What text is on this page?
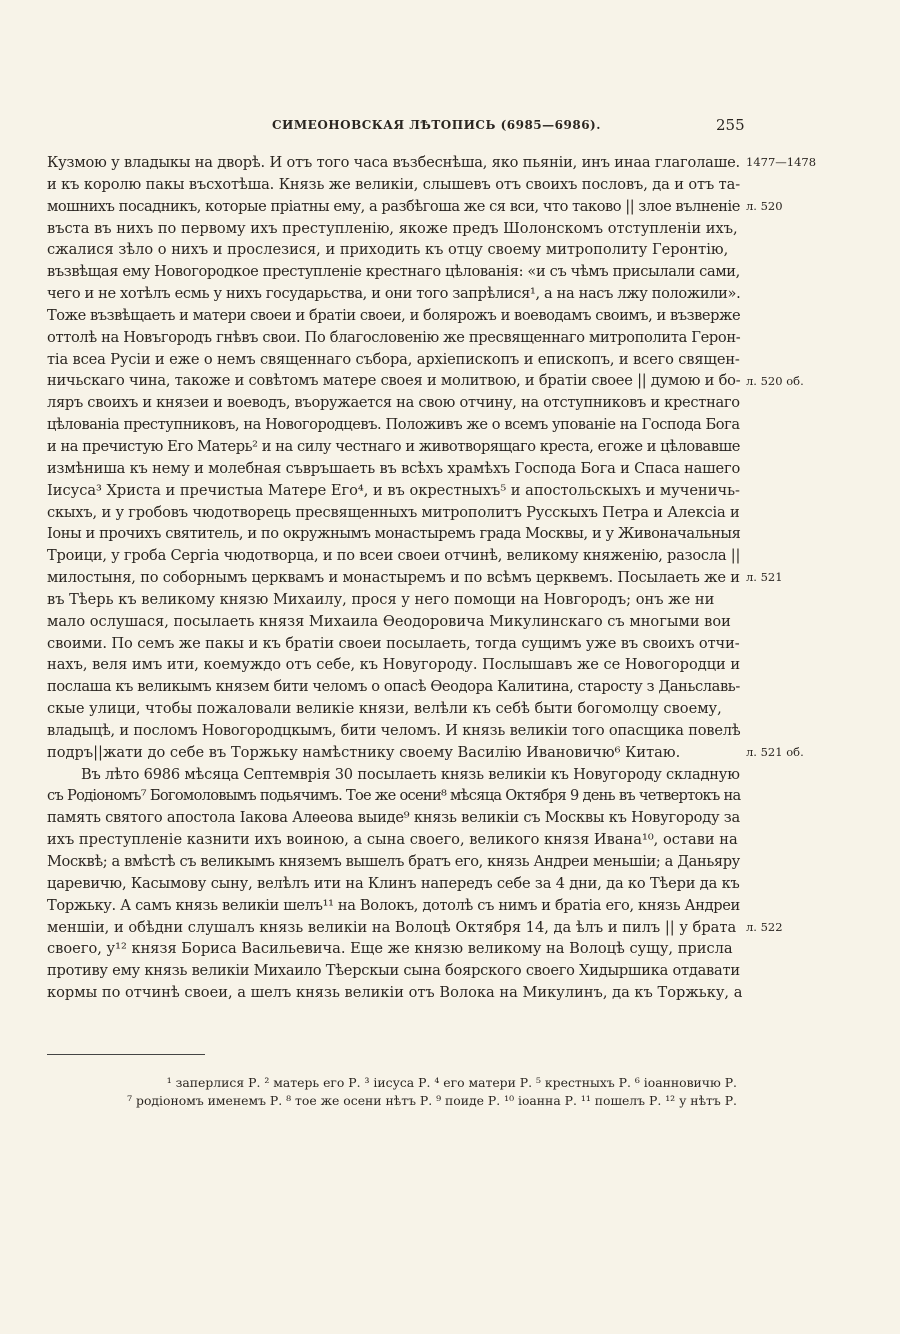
СИМЕОНОВСКАЯ ЛѢТОПИСЬ (6985—6986).	255
Кузмою у владыкы на дворѣ. И отъ того часа възбеснѣша, яко пьяніи, инъ инаа глаголаше.
и къ королю пакы въсхотѣша. Князь же великіи, слышевъ отъ своихъ пословъ, да и отъ та-
мошнихъ посадникъ, которые пріатны ему, а разбѣгоша же ся вси, что таково || злое вълненіе
въста въ нихъ по первому ихъ преступленію, якоже предъ Шолонскомъ отступленіи ихъ,
сжалися зѣло о нихъ и прослезися, и приходить къ отцу своему митрополиту Геронтію,
възвѣщая ему Новогородкое преступленіе крестнаго цѣлованія: «и съ чѣмъ присылали сами,
чего и не хотѣлъ есмь у нихъ государьства, и они того запрѣлися¹, а на насъ лжу положили».
Тоже възвѣщаеть и матери своеи и братіи своеи, и болярожъ и воеводамъ своимъ, и възверже
оттолѣ на Новъгородъ гнѣвъ свои. По благословенію же пресвященнаго митрополита Герон-
тіа всеа Русіи и еже о немъ священнаго събора, архіепископъ и епископъ, и всего священ-
ничьскаго чина, такоже и совѣтомъ матере своея и молитвою, и братіи своее || думою и бо-
ляръ своихъ и князеи и воеводъ, въоружается на свою отчину, на отступниковъ и крестнаго
цѣлованіа преступниковъ, на Новогородцевъ. Положивъ же о всемъ упованіе на Господа Бога
и на пречистую Его Матерь² и на силу честнаго и животворящаго креста, егоже и цѣловавше
измѣниша къ нему и молебная съвръшаеть въ всѣхъ храмѣхъ Господа Бога и Спаса нашего
Іисуса³ Христа и пречистыа Матере Его⁴, и въ окрестныхъ⁵ и апостольскыхъ и мученичь-
скыхъ, и у гробовъ чюдотворець пресвященныхъ митрополитъ Русскыхъ Петра и Алексіа и
Іоны и прочихъ святитель, и по окружнымъ монастыремъ града Москвы, и у Живоначальныя
Троици, у гроба Сергіа чюдотворца, и по всеи своеи отчинѣ, великому княженію, разосла ||
милостыня, по соборнымъ церквамъ и монастыремъ и по всѣмъ церквемъ. Посылаеть же и
въ Тѣерь къ великому князю Михаилу, прося у него помощи на Новгородъ; онъ же ни
мало ослушася, посылаеть князя Михаила Ѳеодоровича Микулинскаго съ многыми вои
своими. По семъ же пакы и къ братіи своеи посылаеть, тогда сущимъ уже въ своихъ отчи-
нахъ, веля имъ ити, коемуждо отъ себе, къ Новугороду. Послышавъ же се Новогородци и
послаша къ великымъ князем бити челомъ о опасѣ Ѳеодора Калитина, старосту з Даньславь-
скые улици, чтобы пожаловали великіе князи, велѣли къ себѣ быти богомолцу своему,
владыцѣ, и посломъ Новогородцкымъ, бити челомъ. И князь великіи того опасщика повелѣ
подръ||жати до себе въ Торжьку намѣстнику своему Василію Ивановичю⁶ Китаю.
Въ лѣто 6986 мѣсяца Септемврія 30 посылаеть князь великіи къ Новугороду складную
съ Родіономъ⁷ Богомоловымъ подьячимъ. Тое же осени⁸ мѣсяца Октября 9 день въ четвертокъ на
память святого апостола Іакова Алѳеова выиде⁹ князь великіи съ Москвы къ Новугороду за
ихъ преступленіе казнити ихъ воиною, а сына своего, великого князя Ивана¹⁰, остави на
Москвѣ; а вмѣстѣ съ великымъ княземъ вышелъ братъ его, князь Андреи меньшіи; а Даньяру
царевичю, Касымову сыну, велѣлъ ити на Клинъ напередъ себе за 4 дни, да ко Тѣери да къ
Торжьку. А самъ князь великіи шелъ¹¹ на Волокъ, дотолѣ съ нимъ и братіа его, князь Андреи
меншіи, и обѣдни слушалъ князь великіи на Волоцѣ Октября 14, да ѣлъ и пилъ || у брата
своего, у¹² князя Бориса Васильевича. Еще же князю великому на Волоцѣ сущу, присла
противу ему князь великіи Михаило Тѣерскыи сына боярского своего Хидыршика отдавати
кормы по отчинѣ своеи, а шелъ князь великіи отъ Волока на Микулинъ, да къ Торжьку, а
1477—1478
л. 520
л. 520 об.
л. 521
л. 521 об.
л. 522
¹ заперлися Р. ² матерь его Р. ³ іисуса Р. ⁴ его матери Р. ⁵ крестныхъ Р. ⁶ іоанновичю Р.
⁷ родіономъ именемъ Р. ⁸ тое же осени нѣтъ Р. ⁹ поиде Р. ¹⁰ іоанна Р. ¹¹ пошелъ Р. ¹² у нѣтъ Р.
